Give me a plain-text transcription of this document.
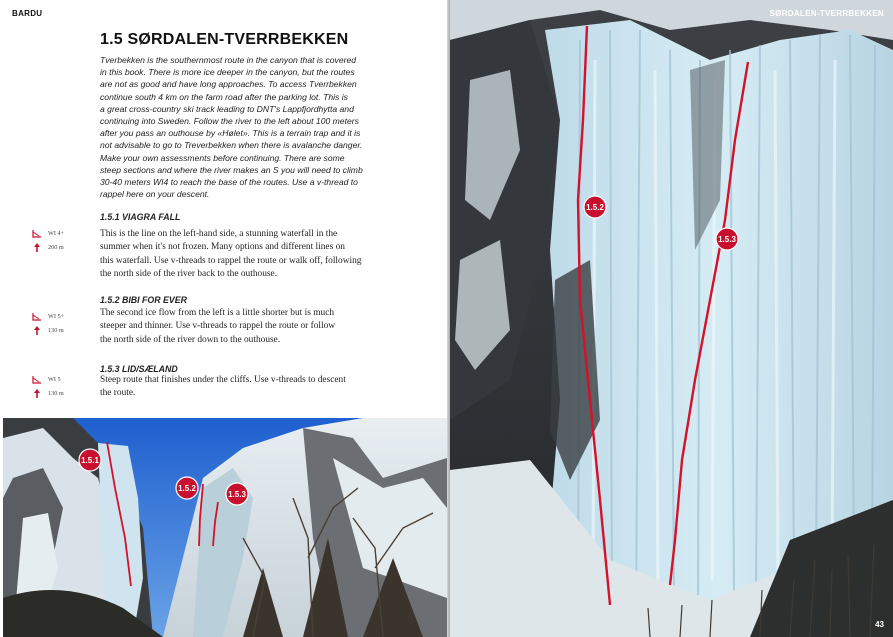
BARDU
1.5 SØRDALEN-TVERRBEKKEN
Tverbekken is the southernmost route in the canyon that is covered
in this book. There is more ice deeper in the canyon, but the routes
are not as good and have long approaches. To access Tverrbekken
continue south 4 km on the farm road after the parking lot. This is
a great cross-country ski track leading to DNT's Lappfjordhytta and
continuing into Sweden. Follow the river to the left about 100 meters
after you pass an outhouse by «Hølet». This is a terrain trap and it is
not advisable to go to Treverbekken when there is avalanche danger.
Make your own assessments before continuing. There are some
steep sections and where the river makes an S you will need to climb
30-40 meters WI4 to reach the base of the routes. Use a v-thread to
rappel here on your descent.
1.5.1 VIAGRA FALL
WI 4+
200 m

This is the line on the left-hand side, a stunning waterfall in the
summer when it's not frozen. Many options and different lines on
this waterfall. Use v-threads to rappel the route or walk off, following
the north side of the river back to the outhouse.

1.5.2 BIBI FOR EVER
WI 5+
130 m

The second ice flow from the left is a little shorter but is much
steeper and thinner. Use v-threads to rappel the route or follow
the north side of the river down to the outhouse.

1.5.3 LID/SÆLAND
WI 5
130 m

Steep route that finishes under the cliffs. Use v-threads to descent
the route.

1.5.1
1.5.2
1.5.3
1.5.2
1.5.3
SØRDALEN-TVERRBEKKEN
43
